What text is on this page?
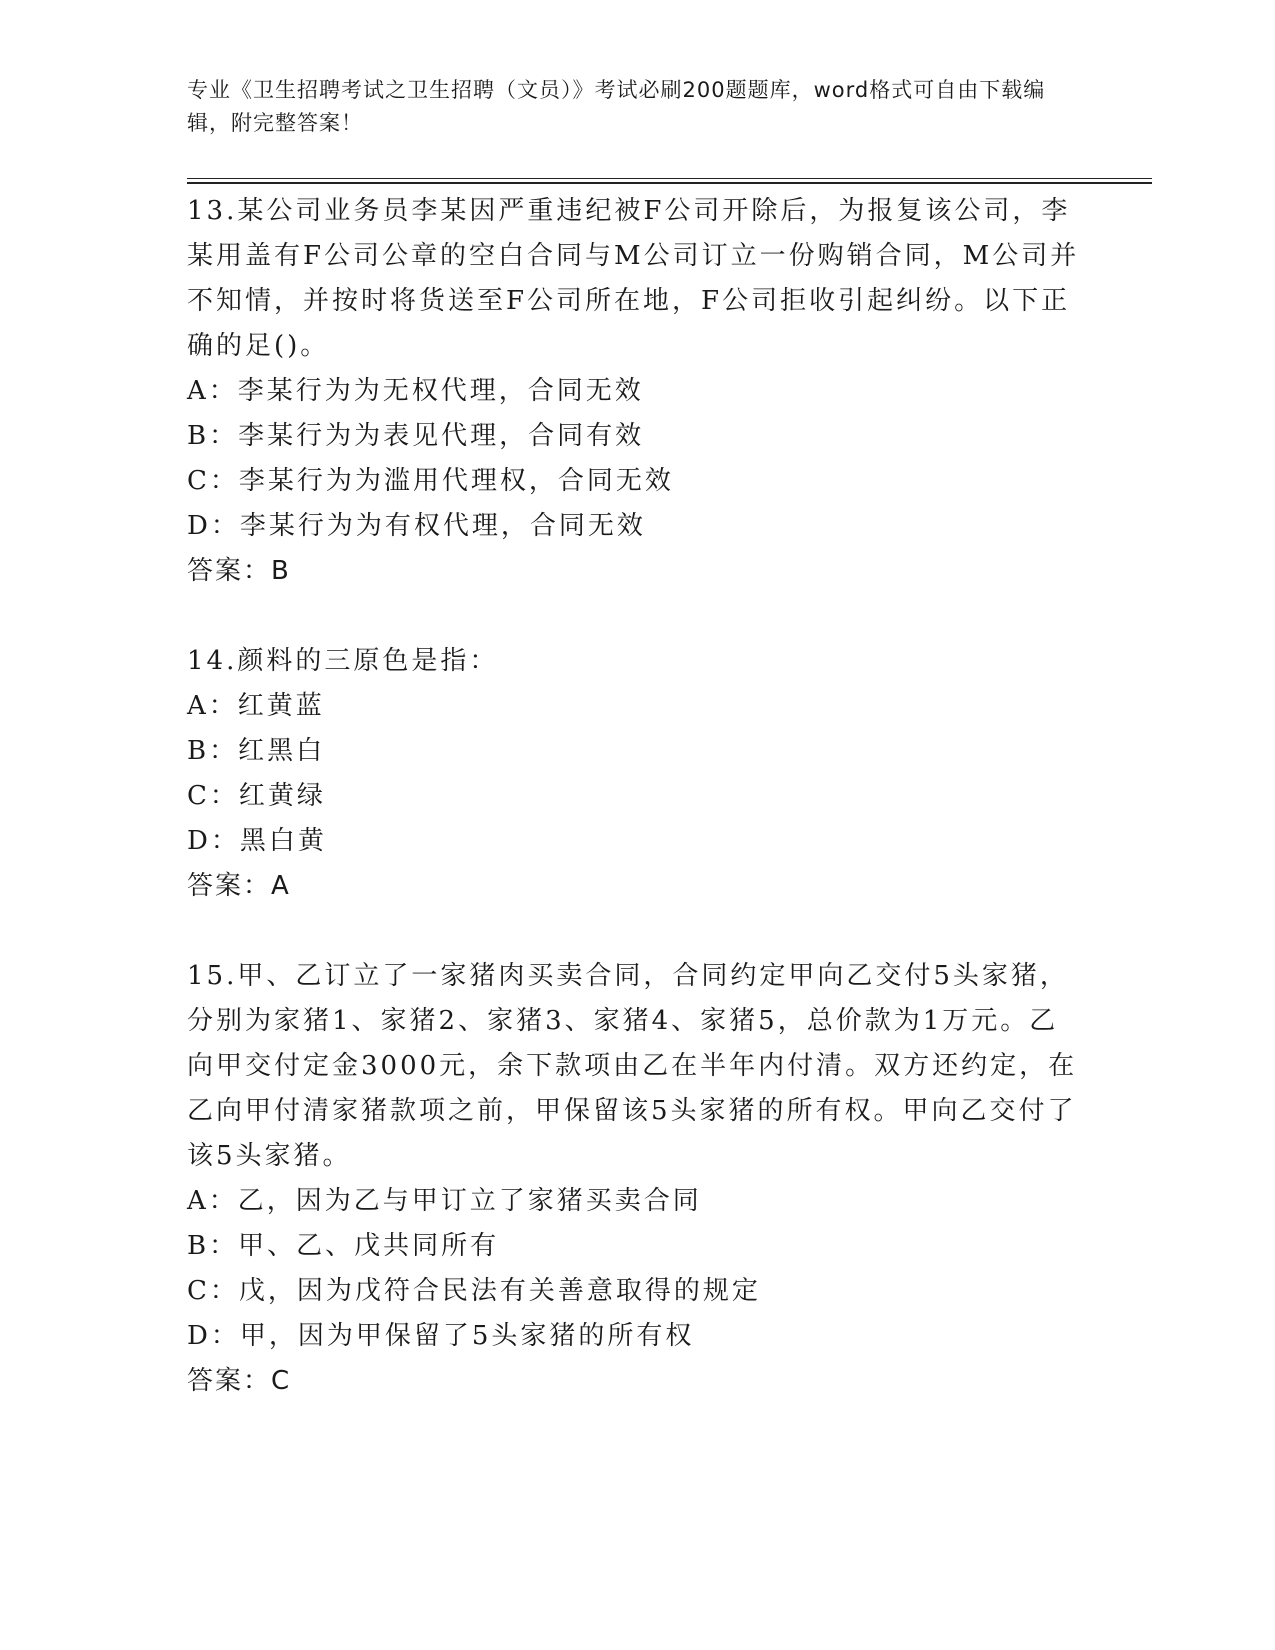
专业《卫生招聘考试之卫生招聘（文员）》考试必刷200题题库，word格式可自由下载编辑，附完整答案！
13.某公司业务员李某因严重违纪被F公司开除后，为报复该公司，李某用盖有F公司公章的空白合同与M公司订立一份购销合同，M公司并不知情，并按时将货送至F公司所在地，F公司拒收引起纠纷。以下正确的足()。
A：李某行为为无权代理，合同无效
B：李某行为为表见代理，合同有效
C：李某行为为滥用代理权，合同无效
D：李某行为为有权代理，合同无效
答案：B
14.颜料的三原色是指：
A：红黄蓝
B：红黑白
C：红黄绿
D：黑白黄
答案：A
15.甲、乙订立了一家猪肉买卖合同，合同约定甲向乙交付5头家猪，分别为家猪1、家猪2、家猪3、家猪4、家猪5，总价款为1万元。乙向甲交付定金3000元，余下款项由乙在半年内付清。双方还约定，在乙向甲付清家猪款项之前，甲保留该5头家猪的所有权。甲向乙交付了该5头家猪。
A：乙，因为乙与甲订立了家猪买卖合同
B：甲、乙、戊共同所有
C：戊，因为戊符合民法有关善意取得的规定
D：甲，因为甲保留了5头家猪的所有权
答案：C
